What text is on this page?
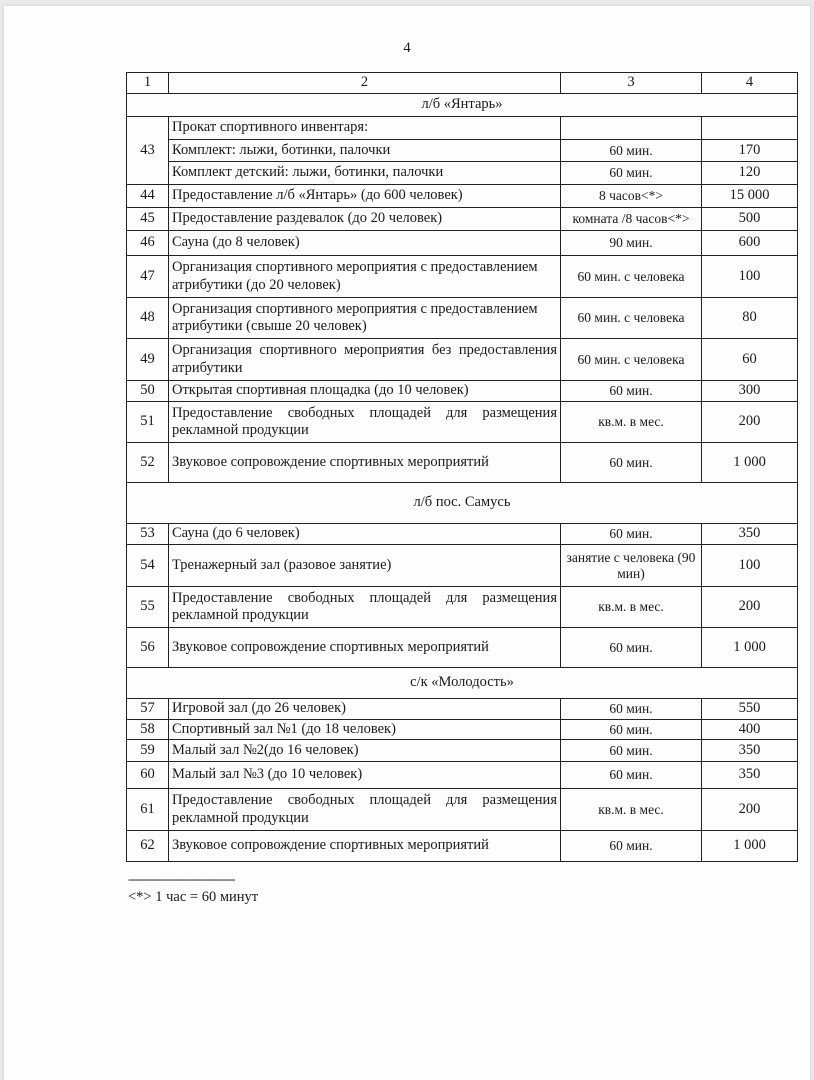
4
1	2	3	4
л/б «Янтарь»			
43	Прокат спортивного инвентаря:		
	Комплект: лыжи, ботинки, палочки	60 мин.	170
	Комплект детский: лыжи, ботинки, палочки	60 мин.	120
44	Предоставление л/б «Янтарь» (до 600 человек)	8 часов<*>	15 000
45	Предоставление раздевалок (до 20 человек)	комната /8 часов<*>	500
46	Сауна (до 8 человек)	90 мин.	600
47	Организация спортивного мероприятия с предоставлением атрибутики (до 20 человек)	60 мин. с человека	100
48	Организация спортивного мероприятия с предоставлением атрибутики (свыше 20 человек)	60 мин. с человека	80
49	Организация спортивного мероприятия без предоставления атрибутики	60 мин. с человека	60
50	Открытая спортивная площадка (до 10 человек)	60 мин.	300
51	Предоставление свободных площадей для размещения рекламной продукции	кв.м. в мес.	200
52	Звуковое сопровождение спортивных мероприятий	60 мин.	1 000
л/б пос. Самусь			
53	Сауна (до 6 человек)	60 мин.	350
54	Тренажерный зал (разовое занятие)	занятие с человека (90 мин)	100
55	Предоставление свободных площадей для размещения рекламной продукции	кв.м. в мес.	200
56	Звуковое сопровождение спортивных мероприятий	60 мин.	1 000
с/к «Молодость»			
57	Игровой зал (до 26 человек)	60 мин.	550
58	Спортивный зал №1 (до 18 человек)	60 мин.	400
59	Малый зал №2(до 16 человек)	60 мин.	350
60	Малый зал №3 (до 10 человек)	60 мин.	350
61	Предоставление свободных площадей для размещения рекламной продукции	кв.м. в мес.	200
62	Звуковое сопровождение спортивных мероприятий	60 мин.	1 000
--------------------------------
<*> 1 час = 60 минут
